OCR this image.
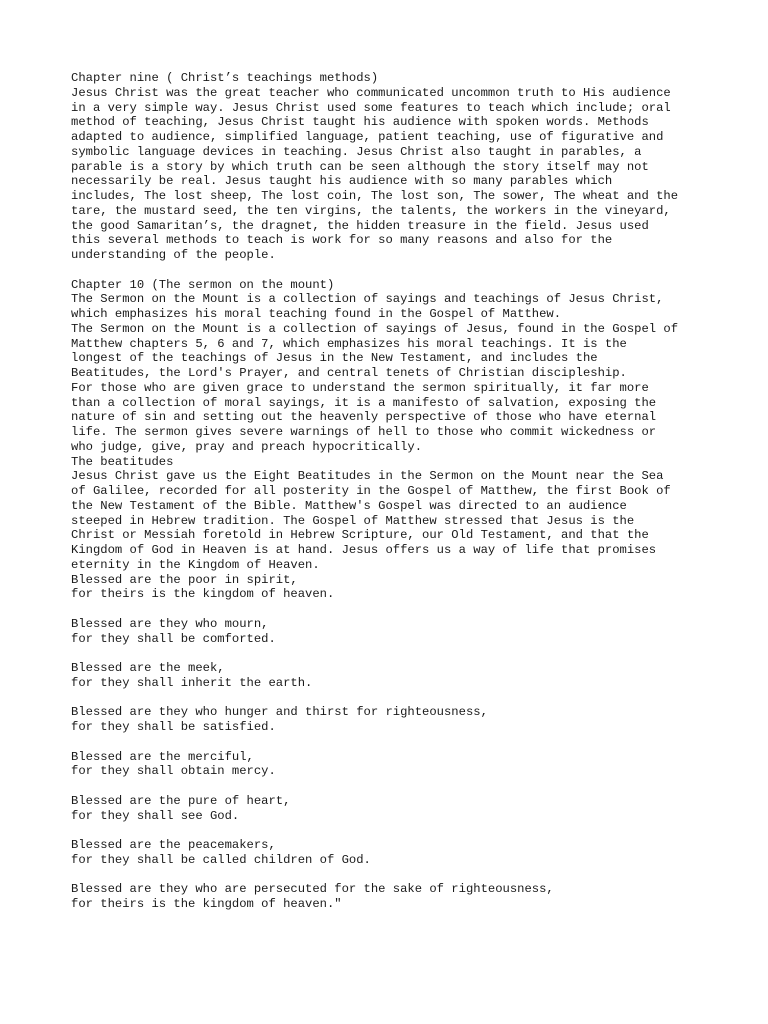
Chapter nine ( Christ’s teachings methods)
Jesus Christ was the great teacher who communicated uncommon truth to His audience
in a very simple way. Jesus Christ used some features to teach which include; oral
method of teaching, Jesus Christ taught his audience with spoken words. Methods
adapted to audience, simplified language, patient teaching, use of figurative and
symbolic language devices in teaching. Jesus Christ also taught in parables, a
parable is a story by which truth can be seen although the story itself may not
necessarily be real. Jesus taught his audience with so many parables which
includes, The lost sheep, The lost coin, The lost son, The sower, The wheat and the
tare, the mustard seed, the ten virgins, the talents, the workers in the vineyard,
the good Samaritan’s, the dragnet, the hidden treasure in the field. Jesus used
this several methods to teach is work for so many reasons and also for the
understanding of the people.
Chapter 10 (The sermon on the mount)
The Sermon on the Mount is a collection of sayings and teachings of Jesus Christ,
which emphasizes his moral teaching found in the Gospel of Matthew.
The Sermon on the Mount is a collection of sayings of Jesus, found in the Gospel of
Matthew chapters 5, 6 and 7, which emphasizes his moral teachings. It is the
longest of the teachings of Jesus in the New Testament, and includes the
Beatitudes, the Lord's Prayer, and central tenets of Christian discipleship.
For those who are given grace to understand the sermon spiritually, it far more
than a collection of moral sayings, it is a manifesto of salvation, exposing the
nature of sin and setting out the heavenly perspective of those who have eternal
life. The sermon gives severe warnings of hell to those who commit wickedness or
who judge, give, pray and preach hypocritically.
The beatitudes
Jesus Christ gave us the Eight Beatitudes in the Sermon on the Mount near the Sea
of Galilee, recorded for all posterity in the Gospel of Matthew, the first Book of
the New Testament of the Bible. Matthew's Gospel was directed to an audience
steeped in Hebrew tradition. The Gospel of Matthew stressed that Jesus is the
Christ or Messiah foretold in Hebrew Scripture, our Old Testament, and that the
Kingdom of God in Heaven is at hand. Jesus offers us a way of life that promises
eternity in the Kingdom of Heaven.
Blessed are the poor in spirit,
for theirs is the kingdom of heaven.
Blessed are they who mourn,
for they shall be comforted.
Blessed are the meek,
for they shall inherit the earth.
Blessed are they who hunger and thirst for righteousness,
for they shall be satisfied.
Blessed are the merciful,
for they shall obtain mercy.
Blessed are the pure of heart,
for they shall see God.
Blessed are the peacemakers,
for they shall be called children of God.
Blessed are they who are persecuted for the sake of righteousness,
for theirs is the kingdom of heaven."
